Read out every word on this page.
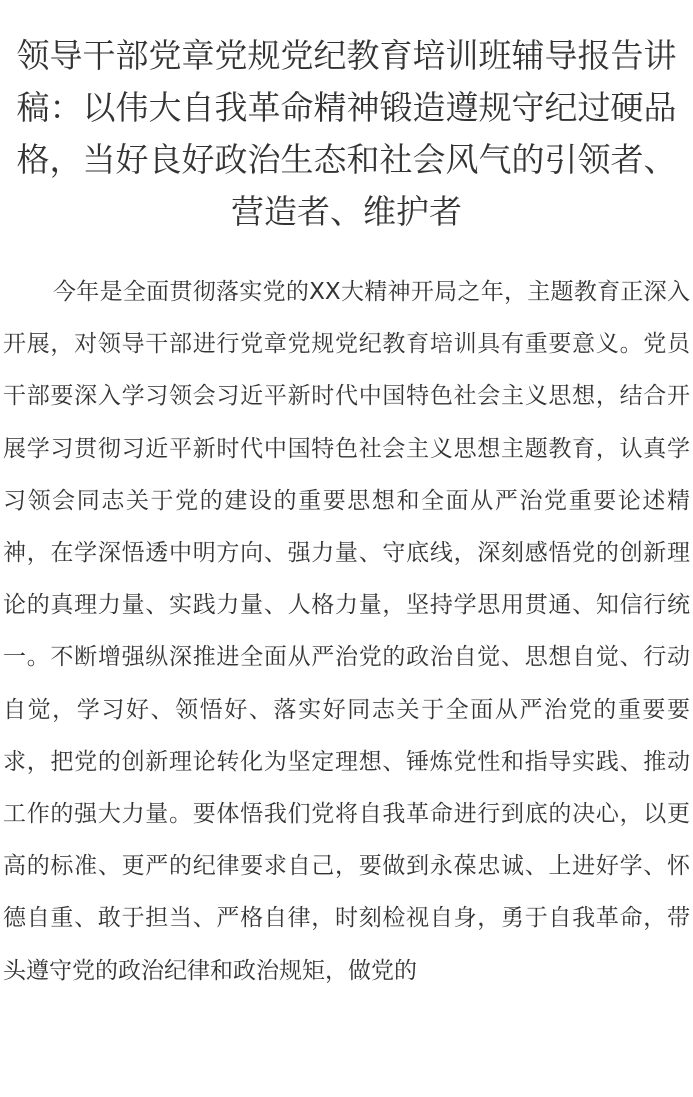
领导干部党章党规党纪教育培训班辅导报告讲稿：以伟大自我革命精神锻造遵规守纪过硬品格，当好良好政治生态和社会风气的引领者、营造者、维护者

今年是全面贯彻落实党的XX大精神开局之年，主题教育正深入开展，对领导干部进行党章党规党纪教育培训具有重要意义。党员干部要深入学习领会习近平新时代中国特色社会主义思想，结合开展学习贯彻习近平新时代中国特色社会主义思想主题教育，认真学习领会同志关于党的建设的重要思想和全面从严治党重要论述精神，在学深悟透中明方向、强力量、守底线，深刻感悟党的创新理论的真理力量、实践力量、人格力量，坚持学思用贯通、知信行统一。不断增强纵深推进全面从严治党的政治自觉、思想自觉、行动自觉，学习好、领悟好、落实好同志关于全面从严治党的重要要求，把党的创新理论转化为坚定理想、锤炼党性和指导实践、推动工作的强大力量。要体悟我们党将自我革命进行到底的决心，以更高的标准、更严的纪律要求自己，要做到永葆忠诚、上进好学、怀德自重、敢于担当、严格自律，时刻检视自身，勇于自我革命，带头遵守党的政治纪律和政治规矩，做党的
